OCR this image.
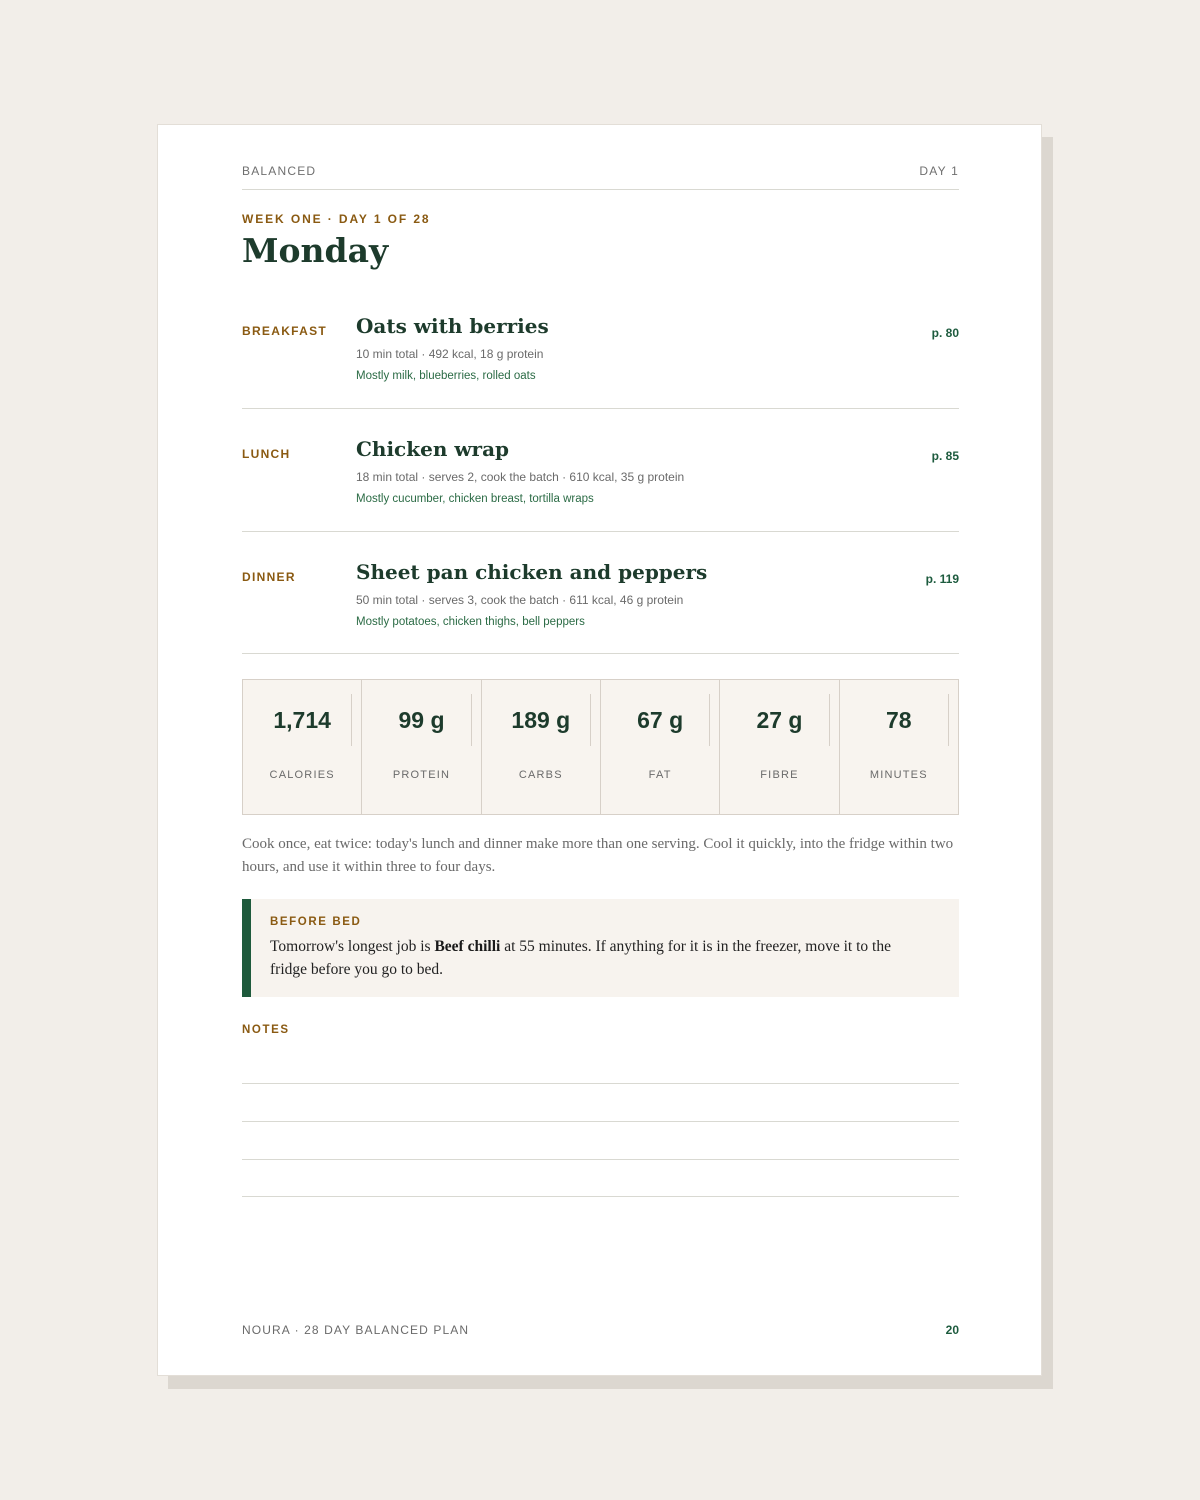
BALANCED	DAY 1
WEEK ONE · DAY 1 OF 28
Monday
BREAKFAST Oats with berries
10 min total · 492 kcal, 18 g protein
Mostly milk, blueberries, rolled oats
p. 80
LUNCH	Chicken wrap
18 min total · serves 2, cook the batch · 610 kcal, 35 g protein
Mostly cucumber, chicken breast, tortilla wraps
p. 85
DINNER	Sheet pan chicken and peppers
50 min total · serves 3, cook the batch · 611 kcal, 46 g protein
Mostly potatoes, chicken thighs, bell peppers
p. 119
1,714
CALORIES
99 g
PROTEIN
189 g
CARBS
67 g
FAT
27 g
FIBRE
78
MINUTES

Cook once, eat twice: today's lunch and dinner make more than one serving. Cool it quickly, into the fridge within two hours, and use it within three to four days.

BEFORE BED
Tomorrow's longest job is Beef chilli at 55 minutes. If anything for it is in the freezer, move it to the fridge before you go to bed.
NOTES
NOURA · 28 DAY BALANCED PLAN	20
